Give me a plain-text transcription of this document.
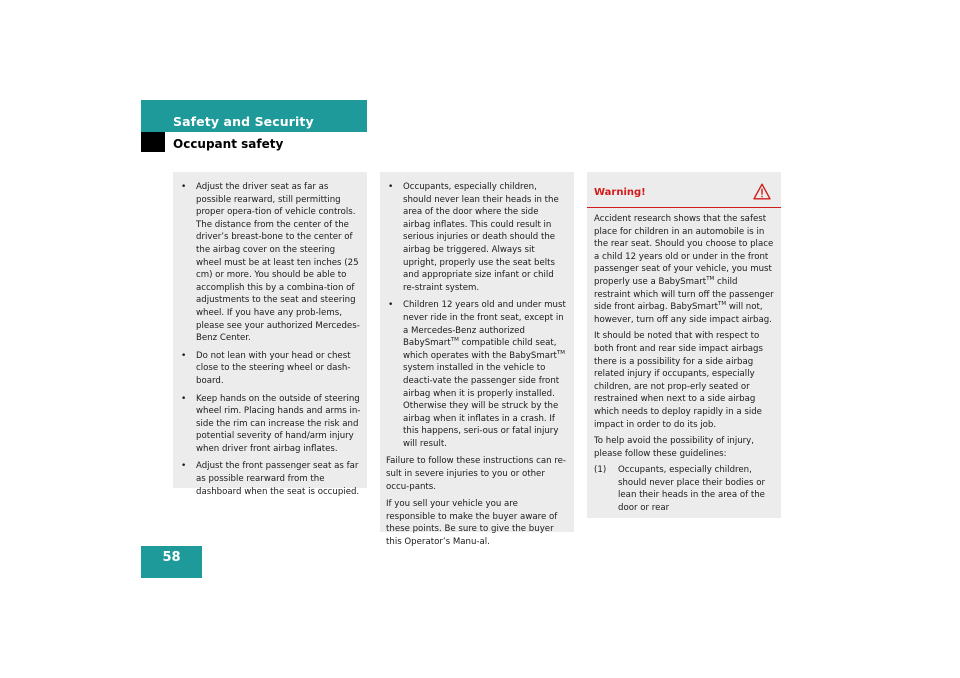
Safety and Security
Occupant safety
58
• Adjust the driver seat as far as possible rearward, still permitting proper opera-tion of vehicle controls. The distance from the center of the driver’s breast-bone to the center of the airbag cover on the steering wheel must be at least ten inches (25 cm) or more. You should be able to accomplish this by a combina-tion of adjustments to the seat and steering wheel. If you have any prob-lems, please see your authorized Mercedes-Benz Center.
• Do not lean with your head or chest close to the steering wheel or dash-board.
• Keep hands on the outside of steering wheel rim. Placing hands and arms in-side the rim can increase the risk and potential severity of hand/arm injury when driver front airbag inflates.
• Adjust the front passenger seat as far as possible rearward from the dashboard when the seat is occupied.
• Occupants, especially children, should never lean their heads in the area of the door where the side airbag inflates. This could result in serious injuries or death should the airbag be triggered. Always sit upright, properly use the seat belts and appropriate size infant or child re-straint system.
• Children 12 years old and under must never ride in the front seat, except in a Mercedes-Benz authorized BabySmart™ compatible child seat, which operates with the BabySmart™ system installed in the vehicle to deacti-vate the passenger side front airbag when it is properly installed. Otherwise they will be struck by the airbag when it inflates in a crash. If this happens, seri-ous or fatal injury will result.

Failure to follow these instructions can re-sult in severe injuries to you or other occu-pants.

If you sell your vehicle you are responsible to make the buyer aware of these points. Be sure to give the buyer this Operator’s Manu-al.

Warning!

Accident research shows that the safest place for children in an automobile is in the rear seat. Should you choose to place a child 12 years old or under in the front passenger seat of your vehicle, you must properly use a BabySmart™ child restraint which will turn off the passenger side front airbag. BabySmart™ will not, however, turn off any side impact airbag.

It should be noted that with respect to both front and rear side impact airbags there is a possibility for a side airbag related injury if occupants, especially children, are not prop-erly seated or restrained when next to a side airbag which needs to deploy rapidly in a side impact in order to do its job.

To help avoid the possibility of injury, please follow these guidelines:

(1) Occupants, especially children, should never place their bodies or lean their heads in the area of the door or rear
